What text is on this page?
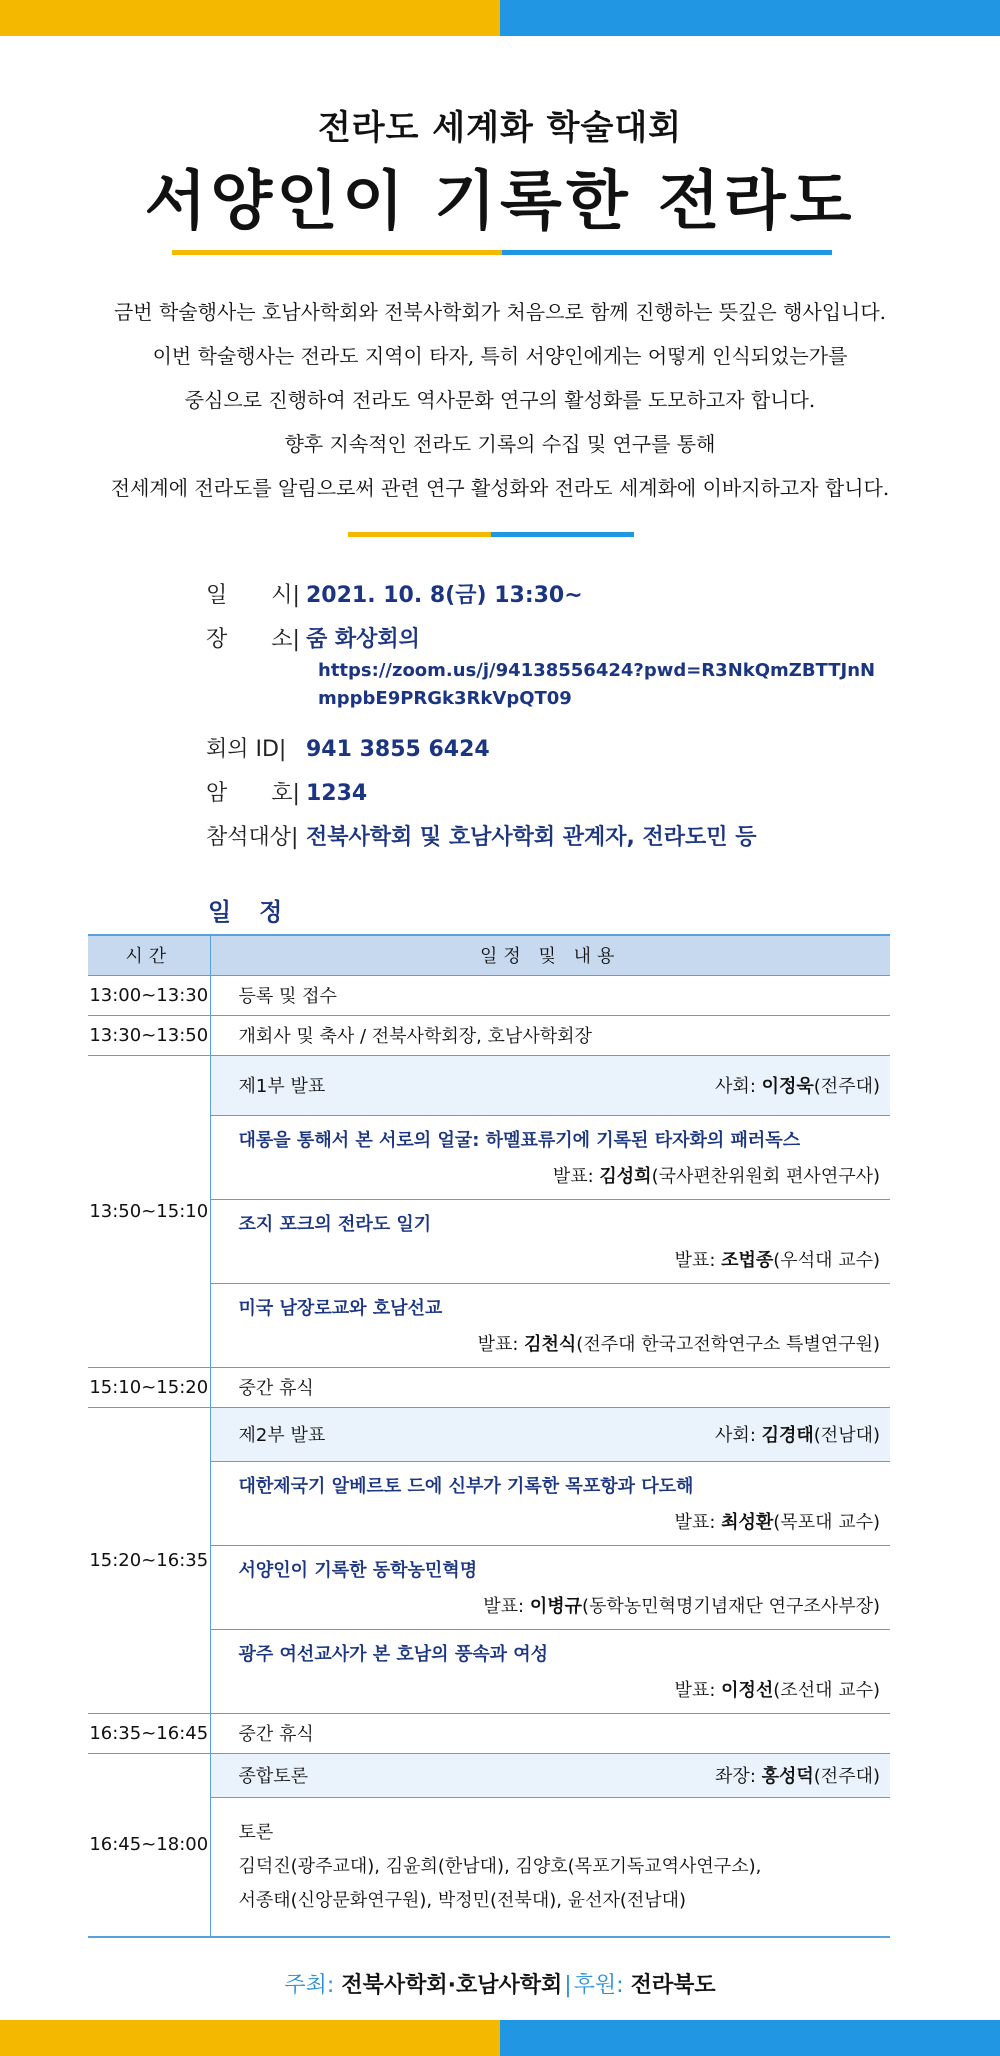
전라도 세계화 학술대회
서양인이 기록한 전라도
금번 학술행사는 호남사학회와 전북사학회가 처음으로 함께 진행하는 뜻깊은 행사입니다.
이번 학술행사는 전라도 지역이 타자, 특히 서양인에게는 어떻게 인식되었는가를
중심으로 진행하여 전라도 역사문화 연구의 활성화를 도모하고자 합니다.
향후 지속적인 전라도 기록의 수집 및 연구를 통해
전세계에 전라도를 알림으로써 관련 연구 활성화와 전라도 세계화에 이바지하고자 합니다.
일　　시| 2021. 10. 8(금) 13:30~
장　　소| 줌 화상회의
https://zoom.us/j/94138556424?pwd=R3NkQmZBTTJnN
mppbE9PRGk3RkVpQT09
회의 ID| 941 3855 6424
암　　호| 1234
참석대상| 전북사학회 및 호남사학회 관계자, 전라도민 등
일정
시간	일정 및 내용
13:00~13:30	등록 및 접수
13:30~13:50	개회사 및 축사 / 전북사학회장, 호남사학회장
13:50~15:10	제1부 발표 사회: 이정욱(전주대)

	대롱을 통해서 본 서로의 얼굴: 하멜표류기에 기록된 타자화의 패러독스
발표: 김성희(국사편찬위원회 편사연구사)

	조지 포크의 전라도 일기
발표: 조법종(우석대 교수)

	미국 남장로교와 호남선교
발표: 김천식(전주대 한국고전학연구소 특별연구원)

15:10~15:20	중간 휴식
15:20~16:35	제2부 발표 사회: 김경태(전남대)

	대한제국기 알베르토 드에 신부가 기록한 목포항과 다도해
발표: 최성환(목포대 교수)

	서양인이 기록한 동학농민혁명
발표: 이병규(동학농민혁명기념재단 연구조사부장)

	광주 여선교사가 본 호남의 풍속과 여성
발표: 이정선(조선대 교수)

16:35~16:45	중간 휴식
16:45~18:00	종합토론 좌장: 홍성덕(전주대)

	토론
김덕진(광주교대), 김윤희(한남대), 김양호(목포기독교역사연구소),
서종태(신앙문화연구원), 박정민(전북대), 윤선자(전남대)
주최: 전북사학회·호남사학회|후원: 전라북도
